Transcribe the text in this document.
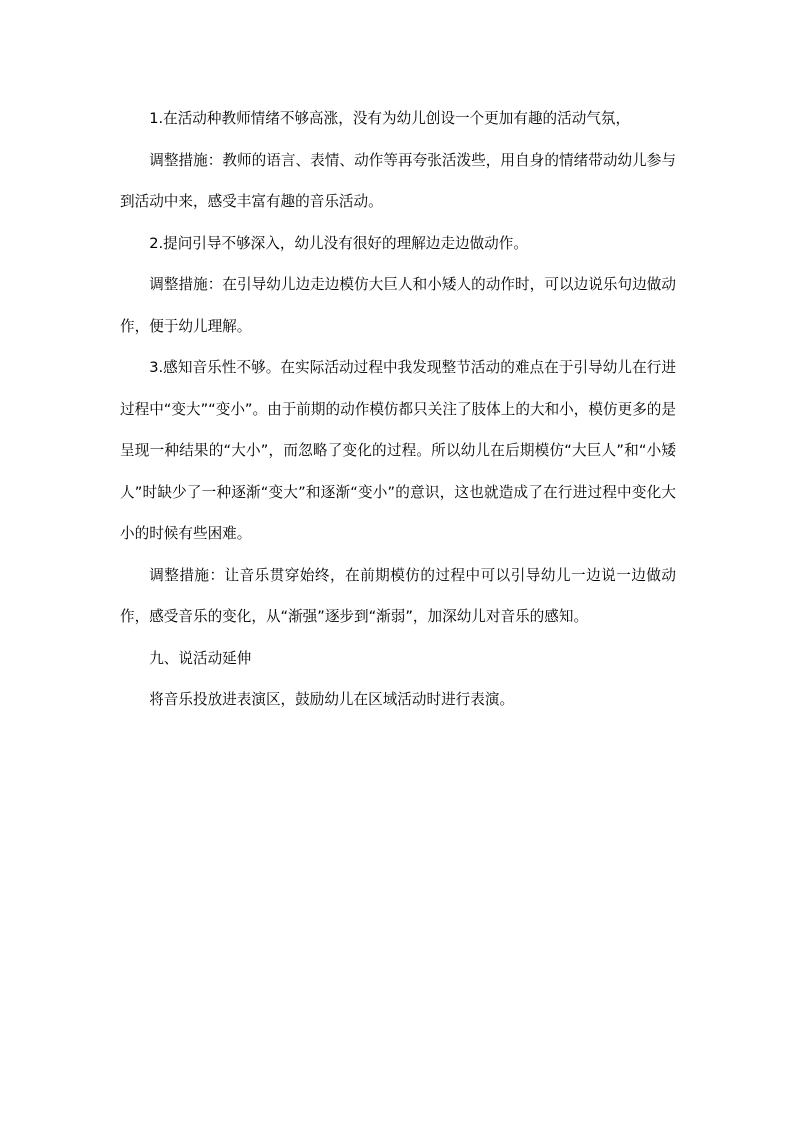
1.在活动种教师情绪不够高涨，没有为幼儿创设一个更加有趣的活动气氛，

调整措施：教师的语言、表情、动作等再夸张活泼些，用自身的情绪带动幼儿参与到活动中来，感受丰富有趣的音乐活动。

2.提问引导不够深入，幼儿没有很好的理解边走边做动作。

调整措施：在引导幼儿边走边模仿大巨人和小矮人的动作时，可以边说乐句边做动作，便于幼儿理解。

3.感知音乐性不够。在实际活动过程中我发现整节活动的难点在于引导幼儿在行进过程中“变大”“变小”。由于前期的动作模仿都只关注了肢体上的大和小，模仿更多的是呈现一种结果的“大小”，而忽略了变化的过程。所以幼儿在后期模仿“大巨人”和“小矮人”时缺少了一种逐渐“变大”和逐渐“变小”的意识，这也就造成了在行进过程中变化大小的时候有些困难。

调整措施：让音乐贯穿始终，在前期模仿的过程中可以引导幼儿一边说一边做动作，感受音乐的变化，从“渐强”逐步到“渐弱”，加深幼儿对音乐的感知。

九、说活动延伸

将音乐投放进表演区，鼓励幼儿在区域活动时进行表演。
